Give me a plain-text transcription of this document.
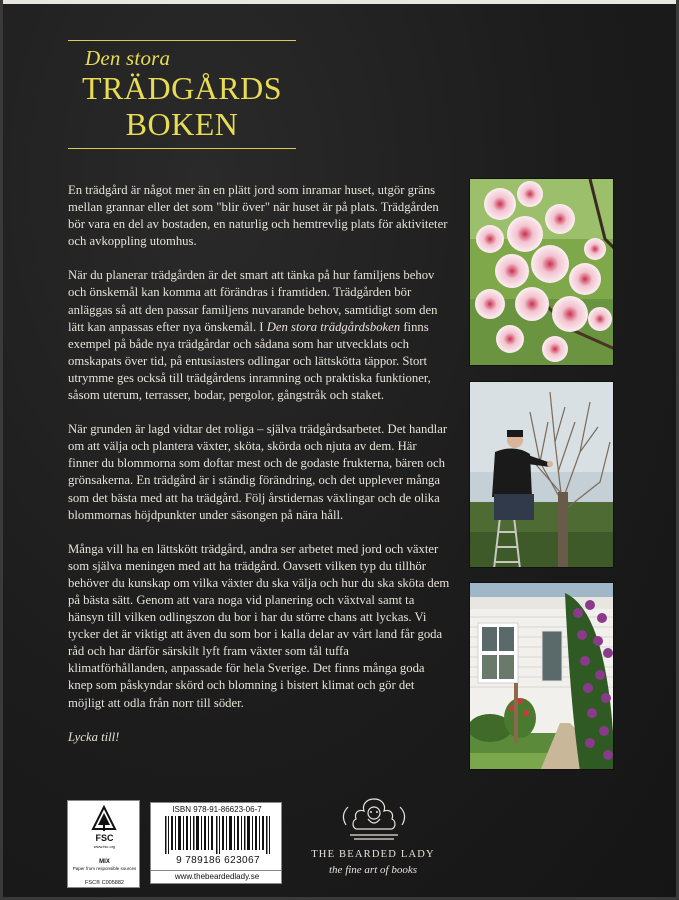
Den stora
TRÄDGÅRDS
BOKEN

En trädgård är något mer än en plätt jord som inramar huset, utgör gräns mellan grannar eller det som "blir över" när huset är på plats. Trädgården bör vara en del av bostaden, en naturlig och hemtrevlig plats för aktiviteter och avkoppling utomhus.

När du planerar trädgården är det smart att tänka på hur familjens behov och önskemål kan komma att förändras i framtiden. Trädgården bör anläggas så att den passar familjens nuvarande behov, samtidigt som den lätt kan anpassas efter nya önskemål. I Den stora trädgårdsboken finns exempel på både nya trädgårdar och sådana som har utvecklats och omskapats över tid, på entusiasters odlingar och lättskötta täppor. Stort utrymme ges också till trädgårdens inramning och praktiska funktioner, såsom uterum, terrasser, bodar, pergolor, gångstråk och staket.

När grunden är lagd vidtar det roliga – själva trädgårdsarbetet. Det handlar om att välja och plantera växter, sköta, skörda och njuta av dem. Här finner du blommorna som doftar mest och de godaste frukterna, bären och grönsakerna. En trädgård är i ständig förändring, och det upplever många som det bästa med att ha trädgård. Följ årstidernas växlingar och de olika blommornas höjdpunkter under säsongen på nära håll.

Många vill ha en lättskött trädgård, andra ser arbetet med jord och växter som själva meningen med att ha trädgård. Oavsett vilken typ du tillhör behöver du kunskap om vilka växter du ska välja och hur du ska sköta dem på bästa sätt. Genom att vara noga vid planering och växtval samt ta hänsyn till vilken odlingszon du bor i har du större chans att lyckas. Vi tycker det är viktigt att även du som bor i kalla delar av vårt land får goda råd och har därför särskilt lyft fram växter som tål tuffa klimatförhållanden, anpassade för hela Sverige. Det finns många goda knep som påskyndar skörd och blomning i bistert klimat och gör det möjligt att odla från norr till söder.

Lycka till!

FSC
www.fsc.org
MIX
Paper from responsible sources
FSC® C005882
ISBN 978-91-86623-06-7
9 789186 623067
www.thebeardedlady.se
THE BEARDED LADY
the fine art of books
